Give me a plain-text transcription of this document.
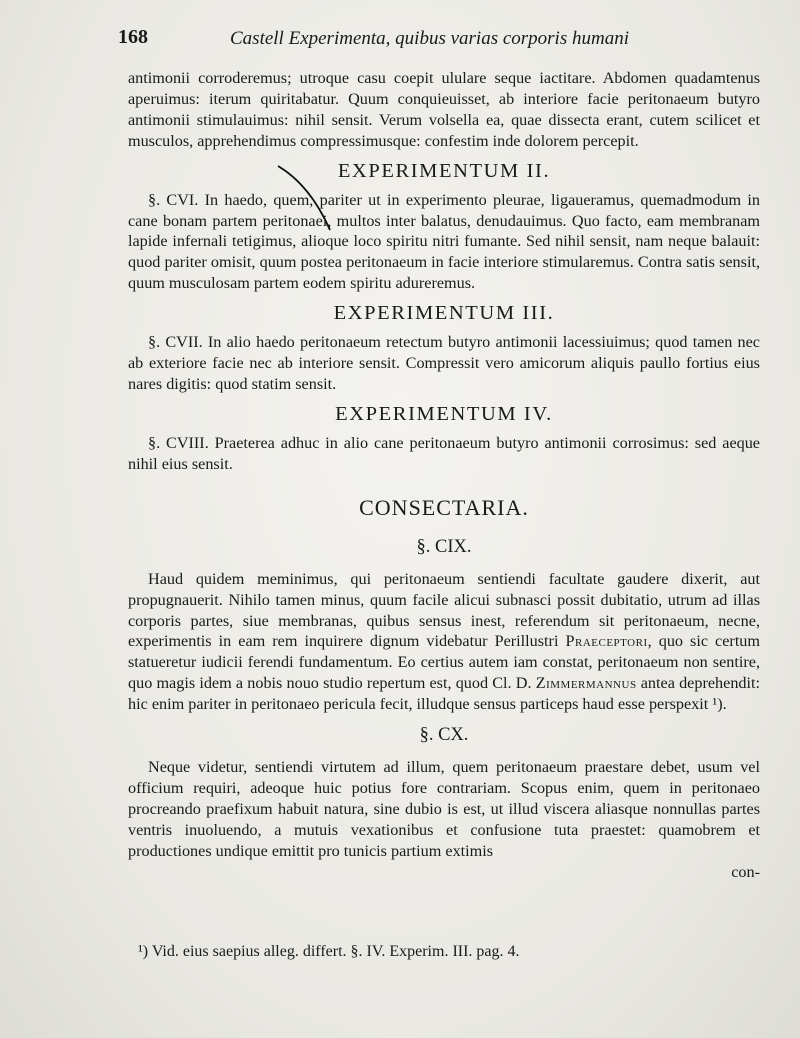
168	Castell Experimenta, quibus varias corporis humani

antimonii corroderemus; utroque casu coepit ululare seque iactitare. Abdomen quadamtenus aperuimus: iterum quiritabatur. Quum conquieuisset, ab interiore facie peritonaeum butyro antimonii stimulauimus: nihil sensit. Verum volsella ea, quae dissecta erant, cutem scilicet et musculos, apprehendimus compressimusque: confestim inde dolorem percepit.

EXPERIMENTUM II.

§. CVI. In haedo, quem, pariter ut in experimento pleurae, ligaueramus, quemadmodum in cane bonam partem peritonaei, multos inter balatus, denudauimus. Quo facto, eam membranam lapide infernali tetigimus, alioque loco spiritu nitri fumante. Sed nihil sensit, nam neque balauit: quod pariter omisit, quum postea peritonaeum in facie interiore stimularemus. Contra satis sensit, quum musculosam partem eodem spiritu adureremus.

EXPERIMENTUM III.

§. CVII. In alio haedo peritonaeum retectum butyro antimonii lacessiuimus; quod tamen nec ab exteriore facie nec ab interiore sensit. Compressit vero amicorum aliquis paullo fortius eius nares digitis: quod statim sensit.

EXPERIMENTUM IV.

§. CVIII. Praeterea adhuc in alio cane peritonaeum butyro antimonii corrosimus: sed aeque nihil eius sensit.

CONSECTARIA.
§. CIX.

Haud quidem meminimus, qui peritonaeum sentiendi facultate gaudere dixerit, aut propugnauerit. Nihilo tamen minus, quum facile alicui subnasci possit dubitatio, utrum ad illas corporis partes, siue membranas, quibus sensus inest, referendum sit peritonaeum, necne, experimentis in eam rem inquirere dignum videbatur Perillustri Praeceptori, quo sic certum statueretur iudicii ferendi fundamentum. Eo certius autem iam constat, peritonaeum non sentire, quo magis idem a nobis nouo studio repertum est, quod Cl. D. Zimmermannus antea deprehendit: hic enim pariter in peritonaeo pericula fecit, illudque sensus particeps haud esse perspexit ¹).

§. CX.

Neque videtur, sentiendi virtutem ad illum, quem peritonaeum praestare debet, usum vel officium requiri, adeoque huic potius fore contrariam. Scopus enim, quem in peritonaeo procreando praefixum habuit natura, sine dubio is est, ut illud viscera aliasque nonnullas partes ventris inuoluendo, a mutuis vexationibus et confusione tuta praestet: quamobrem et productiones undique emittit pro tunicis partium extimis

con-

¹) Vid. eius saepius alleg. differt. §. IV. Experim. III. pag. 4.
